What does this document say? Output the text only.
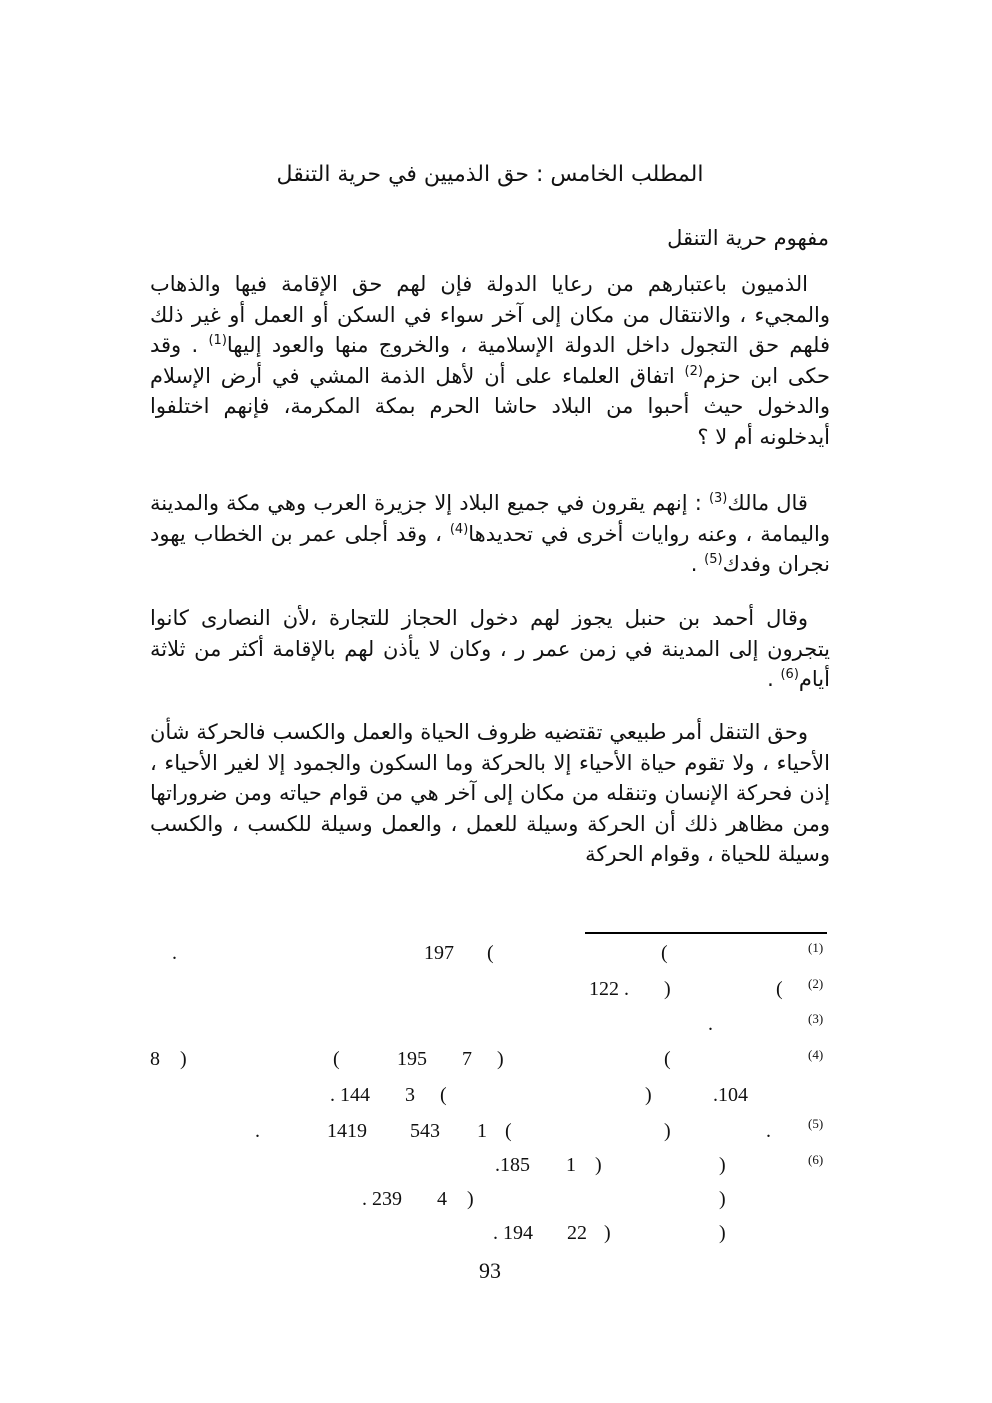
المطلب الخامس : حق الذميين في حرية التنقل
مفهوم حرية التنقل
الذميون باعتبارهم من رعايا الدولة فإن لهم حق الإقامة فيها والذهاب والمجيء ، والانتقال من مكان إلى آخر سواء في السكن أو العمل أو غير ذلك فلهم حق التجول داخل الدولة الإسلامية ، والخروج منها والعود إليها$^{(1)}$ . وقد حكى ابن حزم$^{(2)}$ اتفاق العلماء على أن لأهل الذمة المشي في أرض الإسلام والدخول حيث أحبوا من البلاد حاشا الحرم بمكة المكرمة، فإنهم اختلفوا أيدخلونه أم لا ؟
قال مالك$^{(3)}$ : إنهم يقرون في جميع البلاد إلا جزيرة العرب وهي مكة والمدينة واليمامة ، وعنه روايات أخرى في تحديدها$^{(4)}$ ، وقد أجلى عمر بن الخطاب يهود نجران وفدك$^{(5)}$ .
وقال أحمد بن حنبل يجوز لهم دخول الحجاز للتجارة ،لأن النصارى كانوا يتجرون إلى المدينة في زمن عمر ر ، وكان لا يأذن لهم بالإقامة أكثر من ثلاثة أيام$^{(6)}$ .
وحق التنقل أمر طبيعي تقتضيه ظروف الحياة والعمل والكسب فالحركة شأن الأحياء ، ولا تقوم حياة الأحياء إلا بالحركة وما السكون والجمود إلا لغير الأحياء ، إذن فحركة الإنسان وتنقله من مكان إلى آخر هي من قوام حياته ومن ضروراتها ومن مظاهر ذلك أن الحركة وسيلة للعمل ، والعمل وسيلة للكسب ، والكسب وسيلة للحياة ، وقوام الحركة
(1)
(2)
(3)
(4)
(5)
(6)
(
(
197
.
(
)
122 .
.
(
)
7
195
(
)
8
.104
)
(
3
. 144
.
)
(
1
543
1419
.
)
)
1
.185
)
)
4
. 239
)
)
22
. 194
93
